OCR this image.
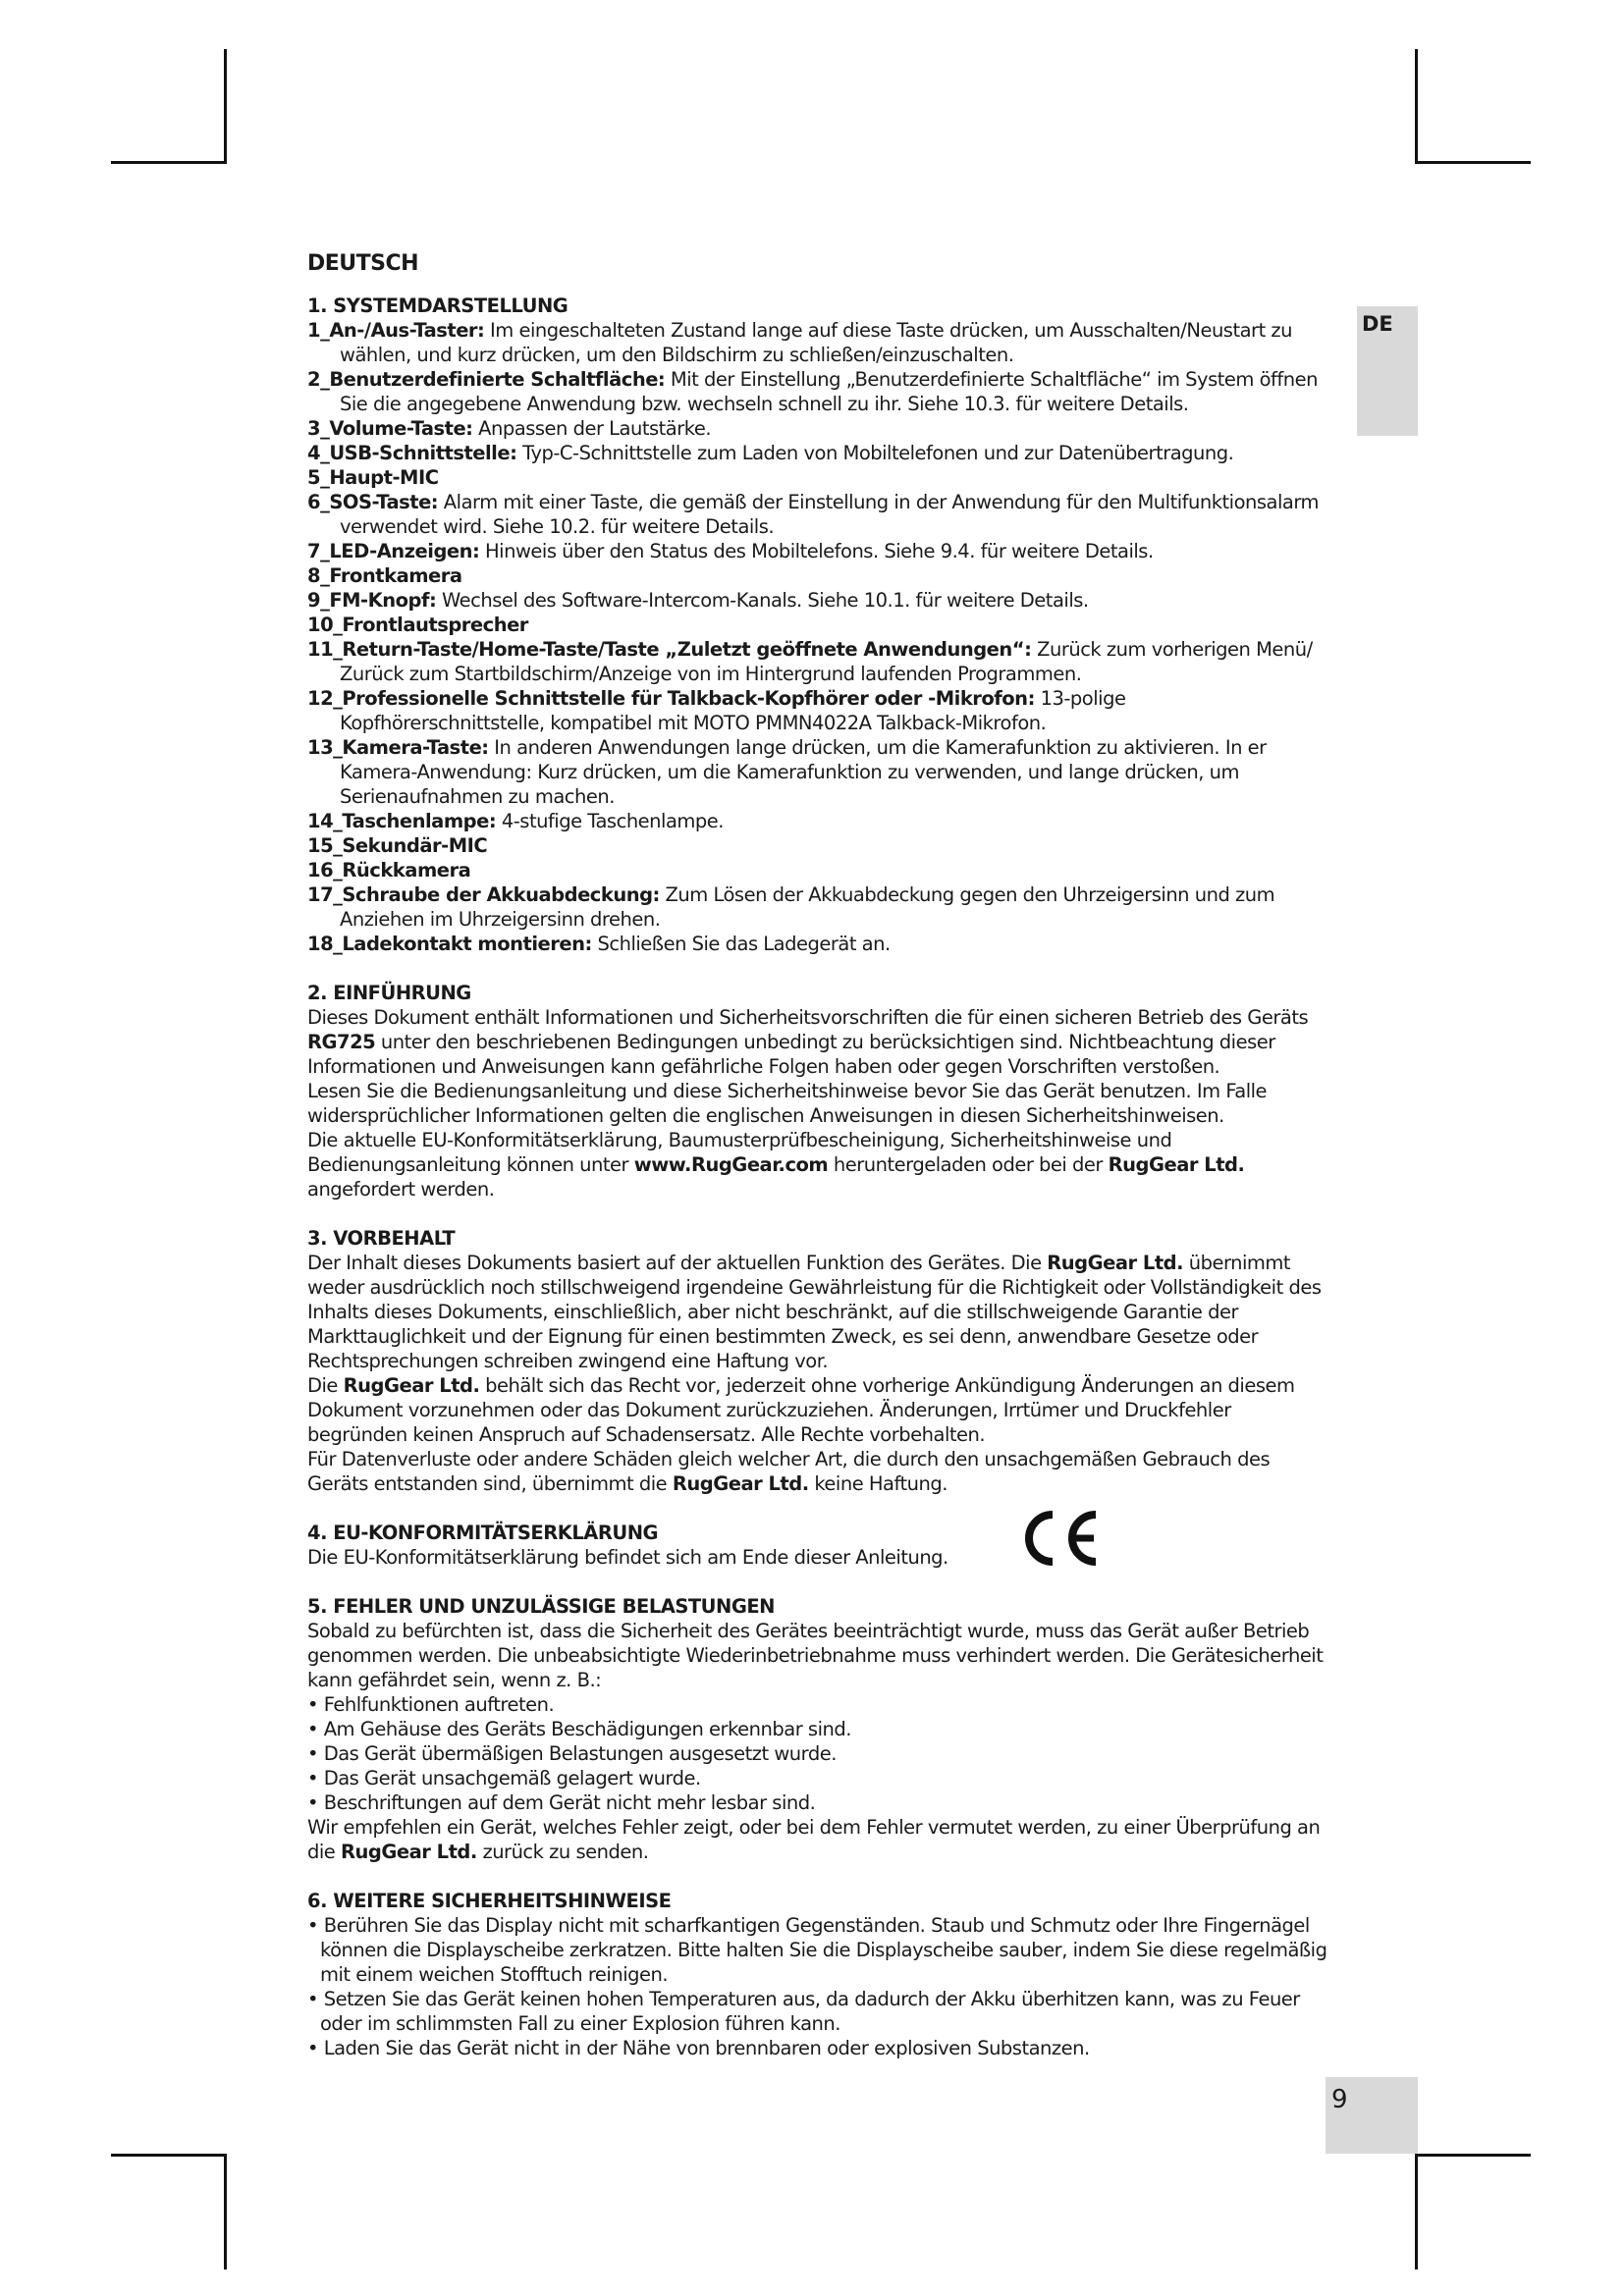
DE
9
DEUTSCH
1. SYSTEMDARSTELLUNG
1_An-/Aus-Taster: Im eingeschalteten Zustand lange auf diese Taste drücken, um Ausschalten/Neustart zu wählen, und kurz drücken, um den Bildschirm zu schließen/einzuschalten.
2_Benutzerdefinierte Schaltfläche: Mit der Einstellung „Benutzerdefinierte Schaltfläche“ im System öffnen Sie die angegebene Anwendung bzw. wechseln schnell zu ihr. Siehe 10.3. für weitere Details.
3_Volume-Taste: Anpassen der Lautstärke.
4_USB-Schnittstelle: Typ-C-Schnittstelle zum Laden von Mobiltelefonen und zur Datenübertragung.
5_Haupt-MIC
6_SOS-Taste: Alarm mit einer Taste, die gemäß der Einstellung in der Anwendung für den Multifunktionsalarm verwendet wird. Siehe 10.2. für weitere Details.
7_LED-Anzeigen: Hinweis über den Status des Mobiltelefons. Siehe 9.4. für weitere Details.
8_Frontkamera
9_FM-Knopf: Wechsel des Software-Intercom-Kanals. Siehe 10.1. für weitere Details.
10_Frontlautsprecher
11_Return-Taste/Home-Taste/Taste „Zuletzt geöffnete Anwendungen“: Zurück zum vorherigen Menü/ Zurück zum Startbildschirm/Anzeige von im Hintergrund laufenden Programmen.
12_Professionelle Schnittstelle für Talkback-Kopfhörer oder -Mikrofon: 13-polige Kopfhörerschnittstelle, kompatibel mit MOTO PMMN4022A Talkback-Mikrofon.
13_Kamera-Taste: In anderen Anwendungen lange drücken, um die Kamerafunktion zu aktivieren. In er Kamera-Anwendung: Kurz drücken, um die Kamerafunktion zu verwenden, und lange drücken, um Serienaufnahmen zu machen.
14_Taschenlampe: 4-stufige Taschenlampe.
15_Sekundär-MIC
16_Rückkamera
17_Schraube der Akkuabdeckung: Zum Lösen der Akkuabdeckung gegen den Uhrzeigersinn und zum Anziehen im Uhrzeigersinn drehen.
18_Ladekontakt montieren: Schließen Sie das Ladegerät an.
2. EINFÜHRUNG

Dieses Dokument enthält Informationen und Sicherheitsvorschriften die für einen sicheren Betrieb des Geräts RG725 unter den beschriebenen Bedingungen unbedingt zu berücksichtigen sind. Nichtbeachtung dieser Informationen und Anweisungen kann gefährliche Folgen haben oder gegen Vorschriften verstoßen.

Lesen Sie die Bedienungsanleitung und diese Sicherheitshinweise bevor Sie das Gerät benutzen. Im Falle widersprüchlicher Informationen gelten die englischen Anweisungen in diesen Sicherheitshinweisen.

Die aktuelle EU-Konformitätserklärung, Baumusterprüfbescheinigung, Sicherheitshinweise und Bedienungsanleitung können unter www.RugGear.com heruntergeladen oder bei der RugGear Ltd. angefordert werden.

3. VORBEHALT

Der Inhalt dieses Dokuments basiert auf der aktuellen Funktion des Gerätes. Die RugGear Ltd. übernimmt weder ausdrücklich noch stillschweigend irgendeine Gewährleistung für die Richtigkeit oder Vollständigkeit des Inhalts dieses Dokuments, einschließlich, aber nicht beschränkt, auf die stillschweigende Garantie der Markttauglichkeit und der Eignung für einen bestimmten Zweck, es sei denn, anwendbare Gesetze oder Rechtsprechungen schreiben zwingend eine Haftung vor.

Die RugGear Ltd. behält sich das Recht vor, jederzeit ohne vorherige Ankündigung Änderungen an diesem Dokument vorzunehmen oder das Dokument zurückzuziehen. Änderungen, Irrtümer und Druckfehler begründen keinen Anspruch auf Schadensersatz. Alle Rechte vorbehalten.

Für Datenverluste oder andere Schäden gleich welcher Art, die durch den unsachgemäßen Gebrauch des Geräts entstanden sind, übernimmt die RugGear Ltd. keine Haftung.

4. EU-KONFORMITÄTSERKLÄRUNG

Die EU-Konformitätserklärung befindet sich am Ende dieser Anleitung.

5. FEHLER UND UNZULÄSSIGE BELASTUNGEN

Sobald zu befürchten ist, dass die Sicherheit des Gerätes beeinträchtigt wurde, muss das Gerät außer Betrieb genommen werden. Die unbeabsichtigte Wiederinbetriebnahme muss verhindert werden. Die Gerätesicherheit kann gefährdet sein, wenn z. B.:

• Fehlfunktionen auftreten.
• Am Gehäuse des Geräts Beschädigungen erkennbar sind.
• Das Gerät übermäßigen Belastungen ausgesetzt wurde.
• Das Gerät unsachgemäß gelagert wurde.
• Beschriftungen auf dem Gerät nicht mehr lesbar sind.

Wir empfehlen ein Gerät, welches Fehler zeigt, oder bei dem Fehler vermutet werden, zu einer Überprüfung an die RugGear Ltd. zurück zu senden.

6. WEITERE SICHERHEITSHINWEISE
• Berühren Sie das Display nicht mit scharfkantigen Gegenständen. Staub und Schmutz oder Ihre Fingernägel können die Displayscheibe zerkratzen. Bitte halten Sie die Displayscheibe sauber, indem Sie diese regelmäßig mit einem weichen Stofftuch reinigen.
• Setzen Sie das Gerät keinen hohen Temperaturen aus, da dadurch der Akku überhitzen kann, was zu Feuer oder im schlimmsten Fall zu einer Explosion führen kann.
• Laden Sie das Gerät nicht in der Nähe von brennbaren oder explosiven Substanzen.
